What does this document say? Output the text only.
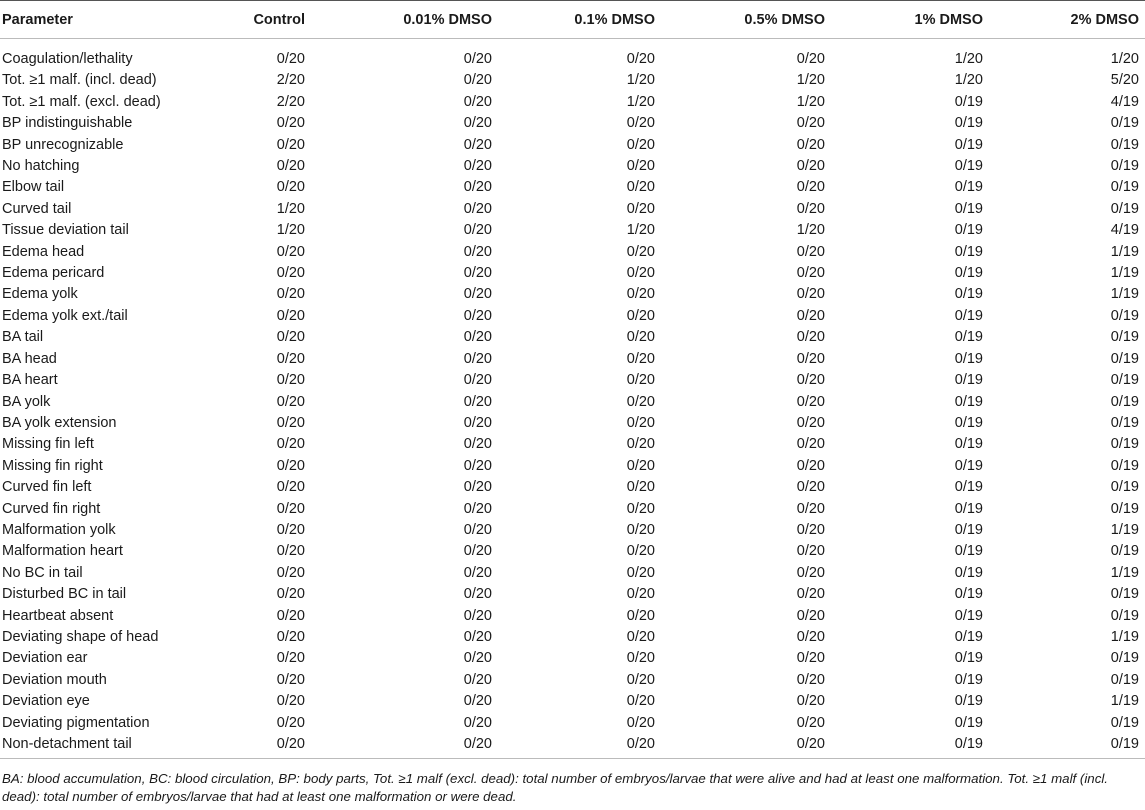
Parameter	Control	0.01% DMSO	0.1% DMSO	0.5% DMSO	1% DMSO	2% DMSO
Coagulation/lethality	0/20	0/20	0/20	0/20	1/20	1/20
Tot. ≥1 malf. (incl. dead)	2/20	0/20	1/20	1/20	1/20	5/20
Tot. ≥1 malf. (excl. dead)	2/20	0/20	1/20	1/20	0/19	4/19
BP indistinguishable	0/20	0/20	0/20	0/20	0/19	0/19
BP unrecognizable	0/20	0/20	0/20	0/20	0/19	0/19
No hatching	0/20	0/20	0/20	0/20	0/19	0/19
Elbow tail	0/20	0/20	0/20	0/20	0/19	0/19
Curved tail	1/20	0/20	0/20	0/20	0/19	0/19
Tissue deviation tail	1/20	0/20	1/20	1/20	0/19	4/19
Edema head	0/20	0/20	0/20	0/20	0/19	1/19
Edema pericard	0/20	0/20	0/20	0/20	0/19	1/19
Edema yolk	0/20	0/20	0/20	0/20	0/19	1/19
Edema yolk ext./tail	0/20	0/20	0/20	0/20	0/19	0/19
BA tail	0/20	0/20	0/20	0/20	0/19	0/19
BA head	0/20	0/20	0/20	0/20	0/19	0/19
BA heart	0/20	0/20	0/20	0/20	0/19	0/19
BA yolk	0/20	0/20	0/20	0/20	0/19	0/19
BA yolk extension	0/20	0/20	0/20	0/20	0/19	0/19
Missing fin left	0/20	0/20	0/20	0/20	0/19	0/19
Missing fin right	0/20	0/20	0/20	0/20	0/19	0/19
Curved fin left	0/20	0/20	0/20	0/20	0/19	0/19
Curved fin right	0/20	0/20	0/20	0/20	0/19	0/19
Malformation yolk	0/20	0/20	0/20	0/20	0/19	1/19
Malformation heart	0/20	0/20	0/20	0/20	0/19	0/19
No BC in tail	0/20	0/20	0/20	0/20	0/19	1/19
Disturbed BC in tail	0/20	0/20	0/20	0/20	0/19	0/19
Heartbeat absent	0/20	0/20	0/20	0/20	0/19	0/19
Deviating shape of head	0/20	0/20	0/20	0/20	0/19	1/19
Deviation ear	0/20	0/20	0/20	0/20	0/19	0/19
Deviation mouth	0/20	0/20	0/20	0/20	0/19	0/19
Deviation eye	0/20	0/20	0/20	0/20	0/19	1/19
Deviating pigmentation	0/20	0/20	0/20	0/20	0/19	0/19
Non-detachment tail	0/20	0/20	0/20	0/20	0/19	0/19
BA: blood accumulation, BC: blood circulation, BP: body parts, Tot. ≥1 malf (excl. dead): total number of embryos/larvae that were alive and had at least one malformation. Tot. ≥1 malf (incl. dead): total number of embryos/larvae that had at least one malformation or were dead.
